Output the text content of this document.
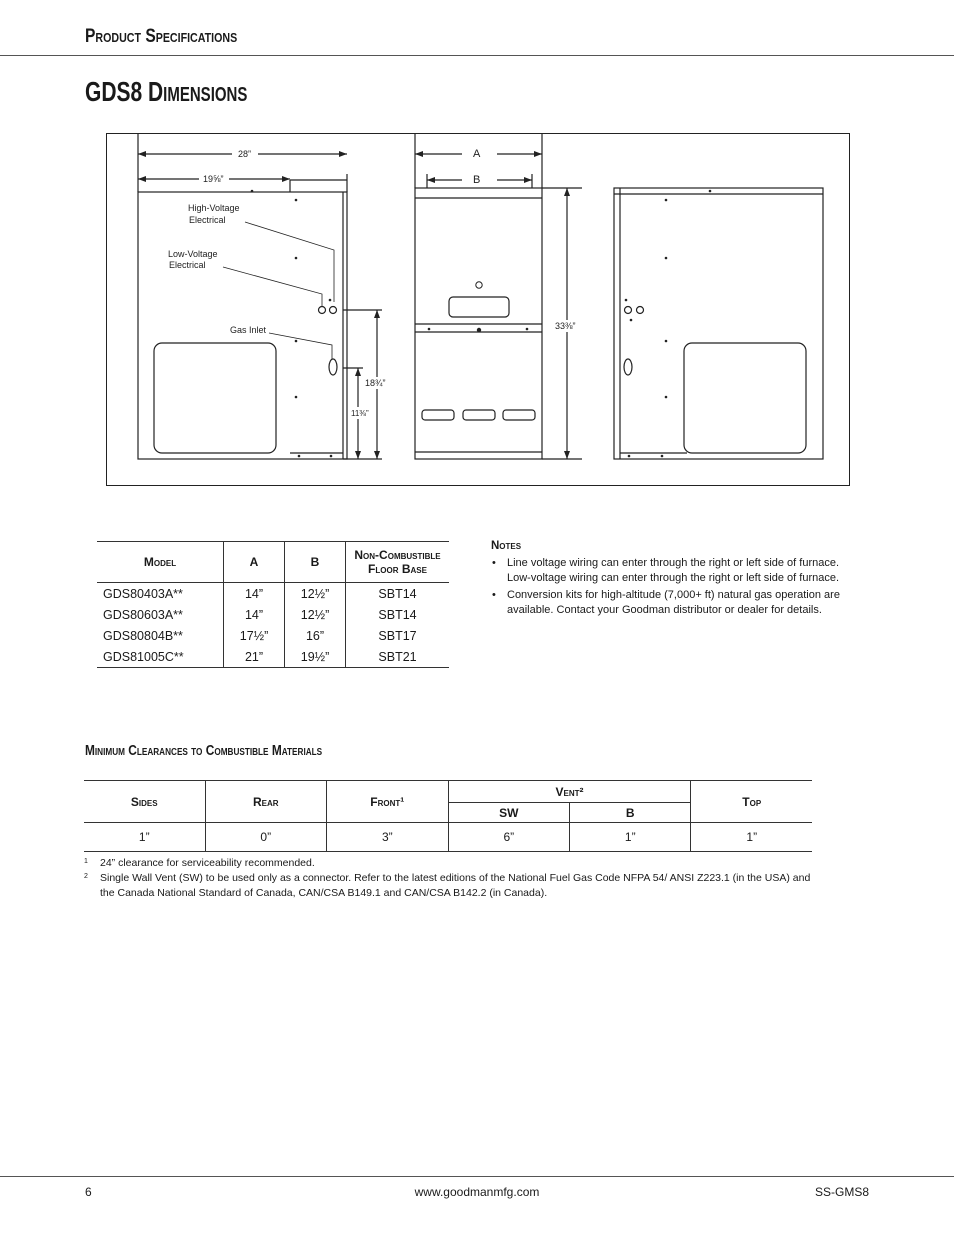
Product Specifications
GDS8 Dimensions
28”
19⅝”
High-Voltage
Electrical
Low-Voltage
Electrical
Gas Inlet
18¾”
11⅜”
A
B
33⅜”
Model	A	B	Non-Combustible
Floor Base

GDS80403A**	14”	12½”	SBT14
GDS80603A**	14”	12½”	SBT14
GDS80804B**	17½”	16”	SBT17
GDS81005C**	21”	19½”	SBT21
Notes
• Line voltage wiring can enter through the right or left side of furnace. Low-voltage wiring can enter through the right or left side of furnace.
• Conversion kits for high-altitude (7,000+ ft) natural gas operation are available. Contact your Goodman distributor or dealer for details.
Minimum Clearances to Combustible Materials
Sides	Rear	Front¹	Vent²		Top
			SW	B	
1”	0”	3”	6”	1”	1”
1 24” clearance for serviceability recommended.
2 Single Wall Vent (SW) to be used only as a connector. Refer to the latest editions of the National Fuel Gas Code NFPA 54/ ANSI Z223.1 (in the USA) and the Canada National Standard of Canada, CAN/CSA B149.1 and CAN/CSA B142.2 (in Canada).
6	www.goodmanmfg.com	SS-GMS8
